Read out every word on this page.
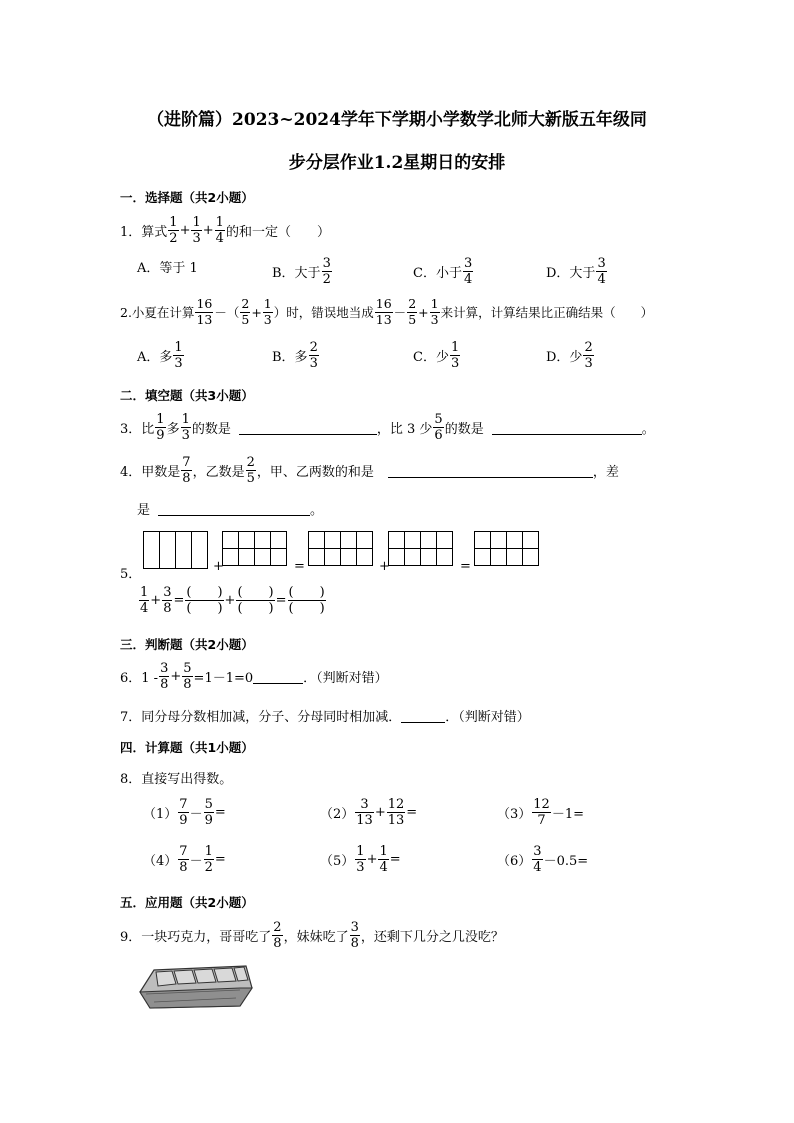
（进阶篇）2023~2024学年下学期小学数学北师大新版五年级同
步分层作业1.2星期日的安排
一．选择题（共2小题）
1． 算式 $\frac{1}{2} + \frac{1}{3} + \frac{1}{4}$ 的和一定（　　）
A．等于 1	B．大于 $\frac{3}{2}$	C．小于 $\frac{3}{4}$	D．大于 $\frac{3}{4}$
2.小夏在计算 $\frac{16}{13}$ －（ $\frac{2}{5} + \frac{1}{3}$ ）时，错误地当成 $\frac{16}{13} - \frac{2}{5} + \frac{1}{3}$ 来计算，计算结果比正确结果（　　）
A．多 $\frac{1}{3}$	B．多 $\frac{2}{3}$	C．少 $\frac{1}{3}$	D．少 $\frac{2}{3}$
二．填空题（共3小题）
3．比 $\frac{1}{9}$ 多 $\frac{1}{3}$ 的数是	，比 3 少 $\frac{5}{6}$ 的数是	。
4．甲数是 $\frac{7}{8}$ ，乙数是 $\frac{2}{5}$ ，甲、乙两数的和是	，差
是	。
5．

+

				=

				+

				=

$\frac{1}{4} + \frac{3}{8} = \frac{( )}{( )} + \frac{( )}{( )} = \frac{( )}{( )}$
三．判断题（共2小题）
6．$1 - \frac{3}{8} + \frac{5}{8} =1-1=0$	．（判断对错）
7．同分母分数相加减，分子、分母同时相加减．	．（判断对错）
四．计算题（共1小题）
8．直接写出得数。
$(1) \frac{7}{9} - \frac{5}{9}$ =	$(2) \frac{3}{13} + \frac{12}{13}$ =	$(3) \frac{12}{7} -1=$
$(4) \frac{7}{8} - \frac{1}{2}$ =	$(5) \frac{1}{3} + \frac{1}{4}$ =	$(6) \frac{3}{4} -0.5=$
五．应用题（共2小题）
9．一块巧克力，哥哥吃了 $\frac{2}{8}$ ，妹妹吃了 $\frac{3}{8}$ ，还剩下几分之几没吃？
